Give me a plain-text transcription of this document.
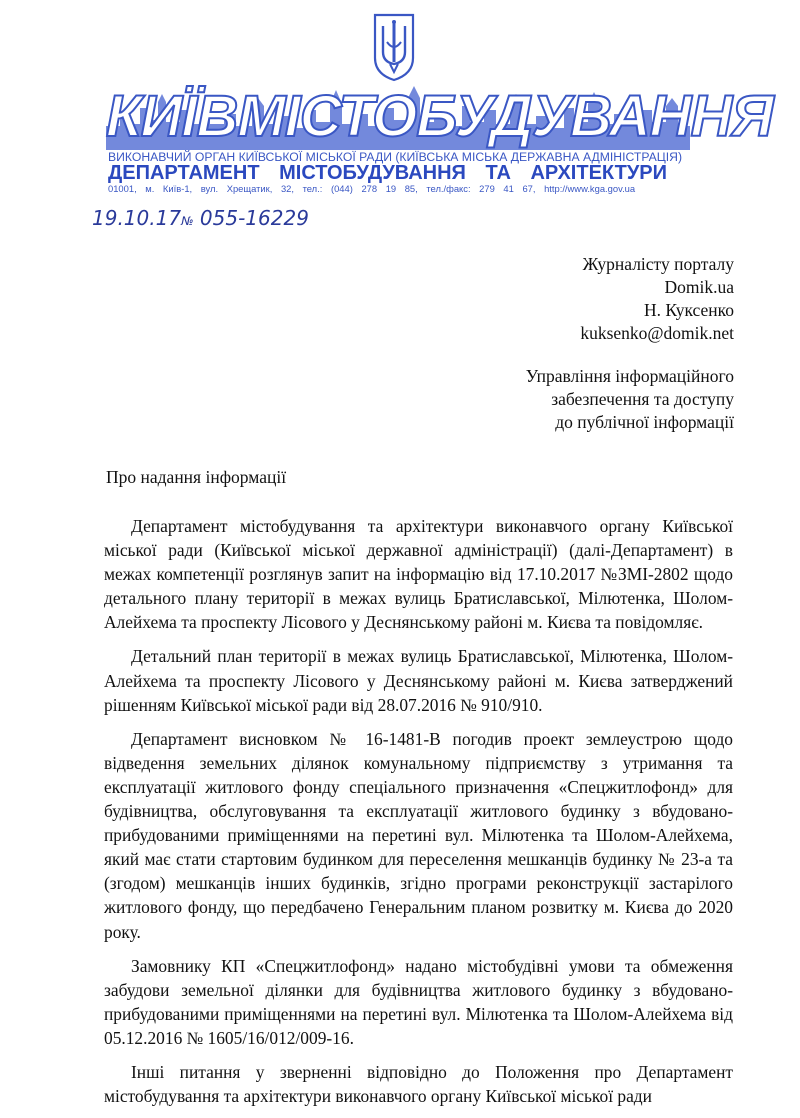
КИЇВМІСТОБУДУВАННЯ
ВИКОНАВЧИЙ ОРГАН КИЇВСЬКОЇ МІСЬКОЇ РАДИ (КИЇВСЬКА МІСЬКА ДЕРЖАВНА АДМІНІСТРАЦІЯ)
ДЕПАРТАМЕНТ МІСТОБУДУВАННЯ ТА АРХІТЕКТУРИ
01001, м. Київ-1, вул. Хрещатик, 32, тел.: (044) 278 19 85, тел./факс: 279 41 67, http://www.kga.gov.ua
19.10.17№ 055-16229
Журналісту порталу
Domik.ua
Н. Куксенко
kuksenko@domik.net
Управління інформаційного
забезпечення та доступу
до публічної інформації
Про надання інформації

Департамент містобудування та архітектури виконавчого органу Київської міської ради (Київської міської державної адміністрації) (далі-Департамент) в межах компетенції розглянув запит на інформацію від 17.10.2017 №ЗМІ-2802 щодо детального плану території в межах вулиць Братиславської, Мілютенка, Шолом-Алейхема та проспекту Лісового у Деснянському районі м. Києва та повідомляє.

Детальний план території в межах вулиць Братиславської, Мілютенка, Шолом-Алейхема та проспекту Лісового у Деснянському районі м. Києва затверджений рішенням Київської міської ради від 28.07.2016 № 910/910.

Департамент висновком № 16-1481-В погодив проект землеустрою щодо відведення земельних ділянок комунальному підприємству з утримання та експлуатації житлового фонду спеціального призначення «Спецжитлофонд» для будівництва, обслуговування та експлуатації житлового будинку з вбудовано-прибудованими приміщеннями на перетині вул. Мілютенка та Шолом-Алейхема, який має стати стартовим будинком для переселення мешканців будинку № 23-а та (згодом) мешканців інших будинків, згідно програми реконструкції застарілого житлового фонду, що передбачено Генеральним планом розвитку м. Києва до 2020 року.

Замовнику КП «Спецжитлофонд» надано містобудівні умови та обмеження забудови земельної ділянки для будівництва житлового будинку з вбудовано-прибудованими приміщеннями на перетині вул. Мілютенка та Шолом-Алейхема від 05.12.2016 № 1605/16/012/009-16.

Інші питання у зверненні відповідно до Положення про Департамент містобудування та архітектури виконавчого органу Київської міської ради
